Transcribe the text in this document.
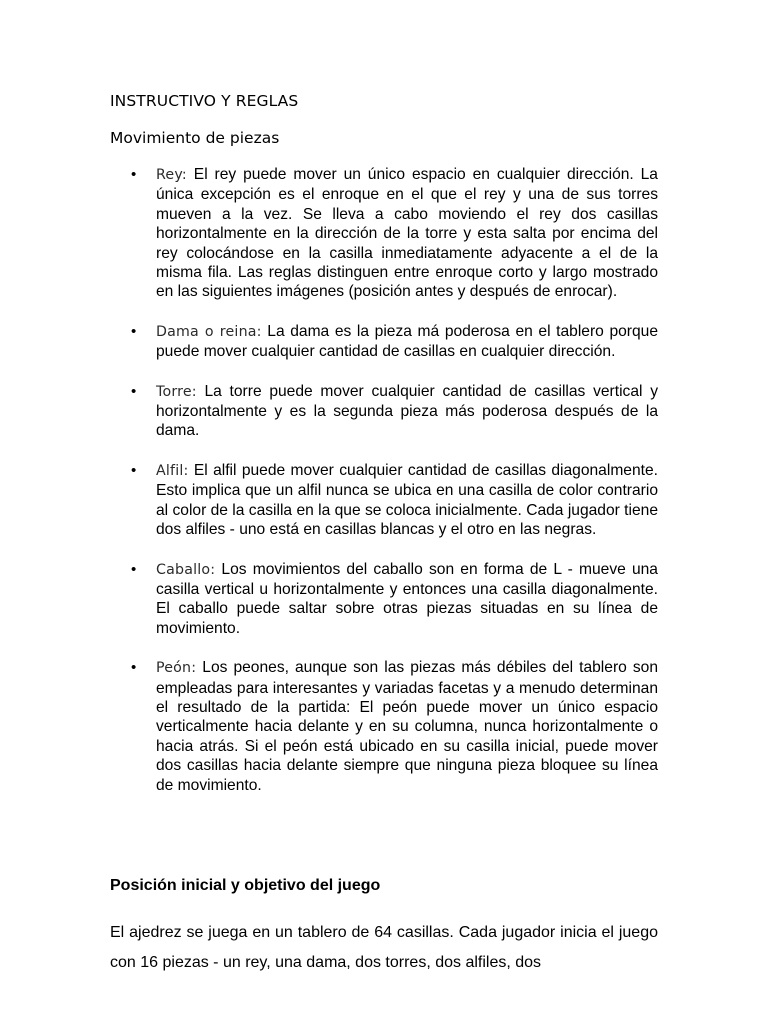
INSTRUCTIVO Y REGLAS
Movimiento de piezas
• Rey: El rey puede mover un único espacio en cualquier dirección. La única excepción es el enroque en el que el rey y una de sus torres mueven a la vez. Se lleva a cabo moviendo el rey dos casillas horizontalmente en la dirección de la torre y esta salta por encima del rey colocándose en la casilla inmediatamente adyacente a el de la misma fila. Las reglas distinguen entre enroque corto y largo mostrado en las siguientes imágenes (posición antes y después de enrocar).

• Dama o reina: La dama es la pieza má poderosa en el tablero porque puede mover cualquier cantidad de casillas en cualquier dirección.

• Torre: La torre puede mover cualquier cantidad de casillas vertical y horizontalmente y es la segunda pieza más poderosa después de la dama.

• Alfil: El alfil puede mover cualquier cantidad de casillas diagonalmente. Esto implica que un alfil nunca se ubica en una casilla de color contrario al color de la casilla en la que se coloca inicialmente. Cada jugador tiene dos alfiles - uno está en casillas blancas y el otro en las negras.

• Caballo: Los movimientos del caballo son en forma de L - mueve una casilla vertical u horizontalmente y entonces una casilla diagonalmente. El caballo puede saltar sobre otras piezas situadas en su línea de movimiento.

• Peón: Los peones, aunque son las piezas más débiles del tablero son empleadas para interesantes y variadas facetas y a menudo determinan el resultado de la partida: El peón puede mover un único espacio verticalmente hacia delante y en su columna, nunca horizontalmente o hacia atrás. Si el peón está ubicado en su casilla inicial, puede mover dos casillas hacia delante siempre que ninguna pieza bloquee su línea de movimiento.

Posición inicial y objetivo del juego

El ajedrez se juega en un tablero de 64 casillas. Cada jugador inicia el juego con 16 piezas - un rey, una dama, dos torres, dos alfiles, dos
